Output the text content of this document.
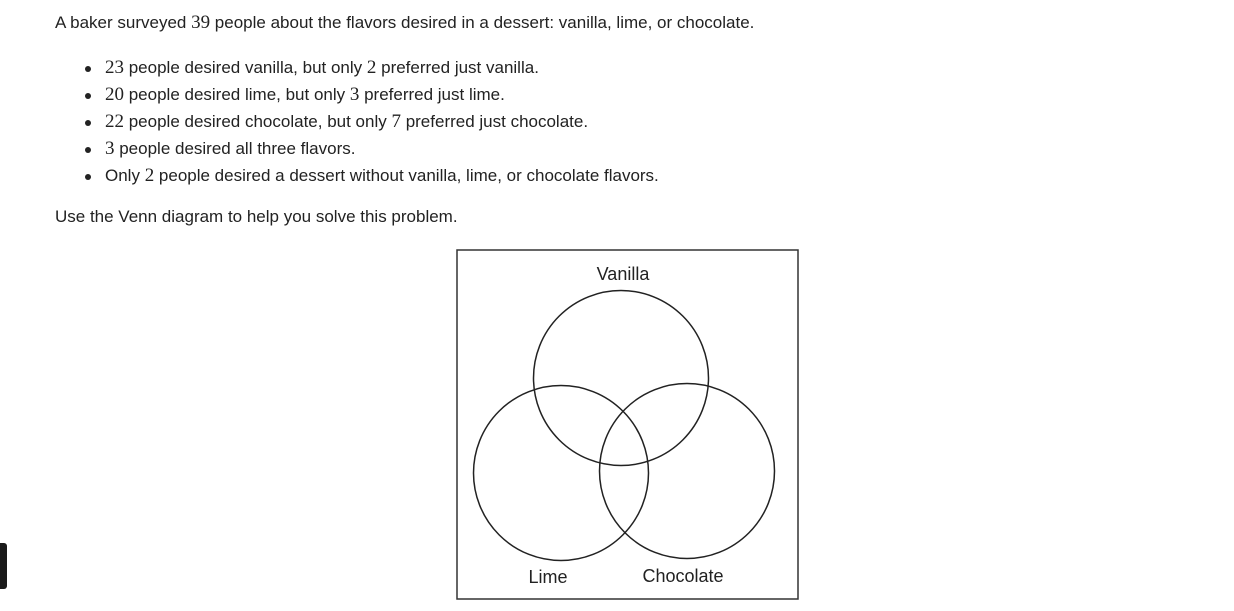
A baker surveyed 39 people about the flavors desired in a dessert: vanilla, lime, or chocolate.
23 people desired vanilla, but only 2 preferred just vanilla.
20 people desired lime, but only 3 preferred just lime.
22 people desired chocolate, but only 7 preferred just chocolate.
3 people desired all three flavors.
Only 2 people desired a dessert without vanilla, lime, or chocolate flavors.
Use the Venn diagram to help you solve this problem.
Vanilla
Lime	Chocolate
